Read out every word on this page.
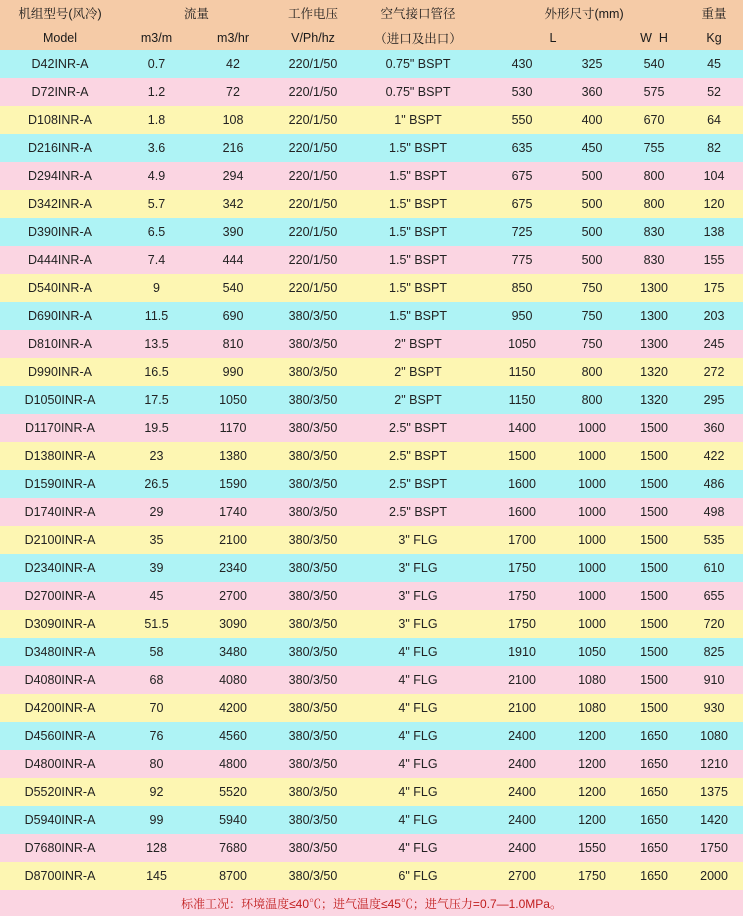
机组型号(风冷)	流量		工作电压	空气接口管径	外形尺寸(mm)			重量
Model	m3/m	m3/hr	V/Ph/hz	（进口及出口）	L		W H	Kg
D42INR-A	0.7	42	220/1/50	0.75" BSPT	430	325	540	45
D72INR-A	1.2	72	220/1/50	0.75" BSPT	530	360	575	52
D108INR-A	1.8	108	220/1/50	1" BSPT	550	400	670	64
D216INR-A	3.6	216	220/1/50	1.5" BSPT	635	450	755	82
D294INR-A	4.9	294	220/1/50	1.5" BSPT	675	500	800	104
D342INR-A	5.7	342	220/1/50	1.5" BSPT	675	500	800	120
D390INR-A	6.5	390	220/1/50	1.5" BSPT	725	500	830	138
D444INR-A	7.4	444	220/1/50	1.5" BSPT	775	500	830	155
D540INR-A	9	540	220/1/50	1.5" BSPT	850	750	1300	175
D690INR-A	11.5	690	380/3/50	1.5" BSPT	950	750	1300	203
D810INR-A	13.5	810	380/3/50	2" BSPT	1050	750	1300	245
D990INR-A	16.5	990	380/3/50	2" BSPT	1150	800	1320	272
D1050INR-A	17.5	1050	380/3/50	2" BSPT	1150	800	1320	295
D1170INR-A	19.5	1170	380/3/50	2.5" BSPT	1400	1000	1500	360
D1380INR-A	23	1380	380/3/50	2.5" BSPT	1500	1000	1500	422
D1590INR-A	26.5	1590	380/3/50	2.5" BSPT	1600	1000	1500	486
D1740INR-A	29	1740	380/3/50	2.5" BSPT	1600	1000	1500	498
D2100INR-A	35	2100	380/3/50	3" FLG	1700	1000	1500	535
D2340INR-A	39	2340	380/3/50	3" FLG	1750	1000	1500	610
D2700INR-A	45	2700	380/3/50	3" FLG	1750	1000	1500	655
D3090INR-A	51.5	3090	380/3/50	3" FLG	1750	1000	1500	720
D3480INR-A	58	3480	380/3/50	4" FLG	1910	1050	1500	825
D4080INR-A	68	4080	380/3/50	4" FLG	2100	1080	1500	910
D4200INR-A	70	4200	380/3/50	4" FLG	2100	1080	1500	930
D4560INR-A	76	4560	380/3/50	4" FLG	2400	1200	1650	1080
D4800INR-A	80	4800	380/3/50	4" FLG	2400	1200	1650	1210
D5520INR-A	92	5520	380/3/50	4" FLG	2400	1200	1650	1375
D5940INR-A	99	5940	380/3/50	4" FLG	2400	1200	1650	1420
D7680INR-A	128	7680	380/3/50	4" FLG	2400	1550	1650	1750
D8700INR-A	145	8700	380/3/50	6" FLG	2700	1750	1650	2000
标准工况：环境温度≤40℃；进气温度≤45℃；进气压力=0.7—1.0MPa。								
